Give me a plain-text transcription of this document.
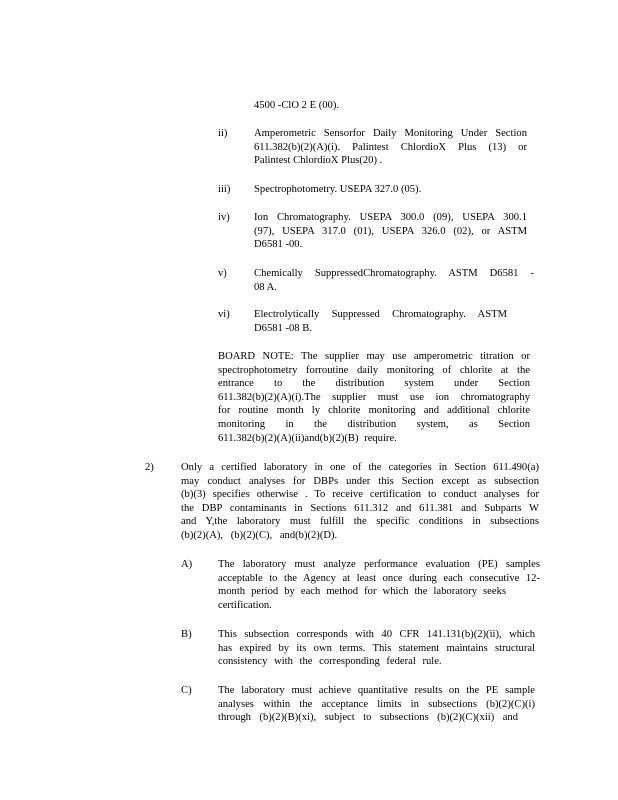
4500 -ClO 2 E (00).
ii)	Amperometric Sensorfor Daily Monitoring Under Section
611.382(b)(2)(A)(i). Palintest ChlordioX Plus (13) or
Palintest ChlordioX Plus(20) .
iii) Spectrophotometry. USEPA 327.0 (05).
iv) Ion Chromatography. USEPA 300.0 (09), USEPA 300.1
(97), USEPA 317.0 (01), USEPA 326.0 (02), or ASTM
D6581 -00.
v)	Chemically SuppressedChromatography. ASTM D6581 -
08 A.
vi) Electrolytically Suppressed Chromatography. ASTM
D6581 -08 B.
BOARD NOTE: The supplier may use amperometric titration or
spectrophotometry forroutine daily monitoring of chlorite at the
entrance to the distribution system under Section
611.382(b)(2)(A)(i).The supplier must use ion chromatography
for routine month ly chlorite monitoring and additional chlorite
monitoring in the distribution system, as Section
611.382(b)(2)(A)(ii)and(b)(2)(B) require.
2)	Only a certified laboratory in one of the categories in Section 611.490(a)
may conduct analyses for DBPs under this Section except as subsection
(b)(3) specifies otherwise . To receive certification to conduct analyses for
the DBP contaminants in Sections 611.312 and 611.381 and Subparts W
and Y,the laboratory must fulfill the specific conditions in subsections
(b)(2)(A), (b)(2)(C), and(b)(2)(D).
A) The laboratory must analyze performance evaluation (PE) samples
acceptable to the Agency at least once during each consecutive 12-
month period by each method for which the laboratory seeks
certification.
B) This subsection corresponds with 40 CFR 141.131(b)(2)(ii), which
has expired by its own terms. This statement maintains structural
consistency with the corresponding federal rule.
C) The laboratory must achieve quantitative results on the PE sample
analyses within the acceptance limits in subsections (b)(2)(C)(i)
through (b)(2)(B)(xi), subject to subsections (b)(2)(C)(xii) and
